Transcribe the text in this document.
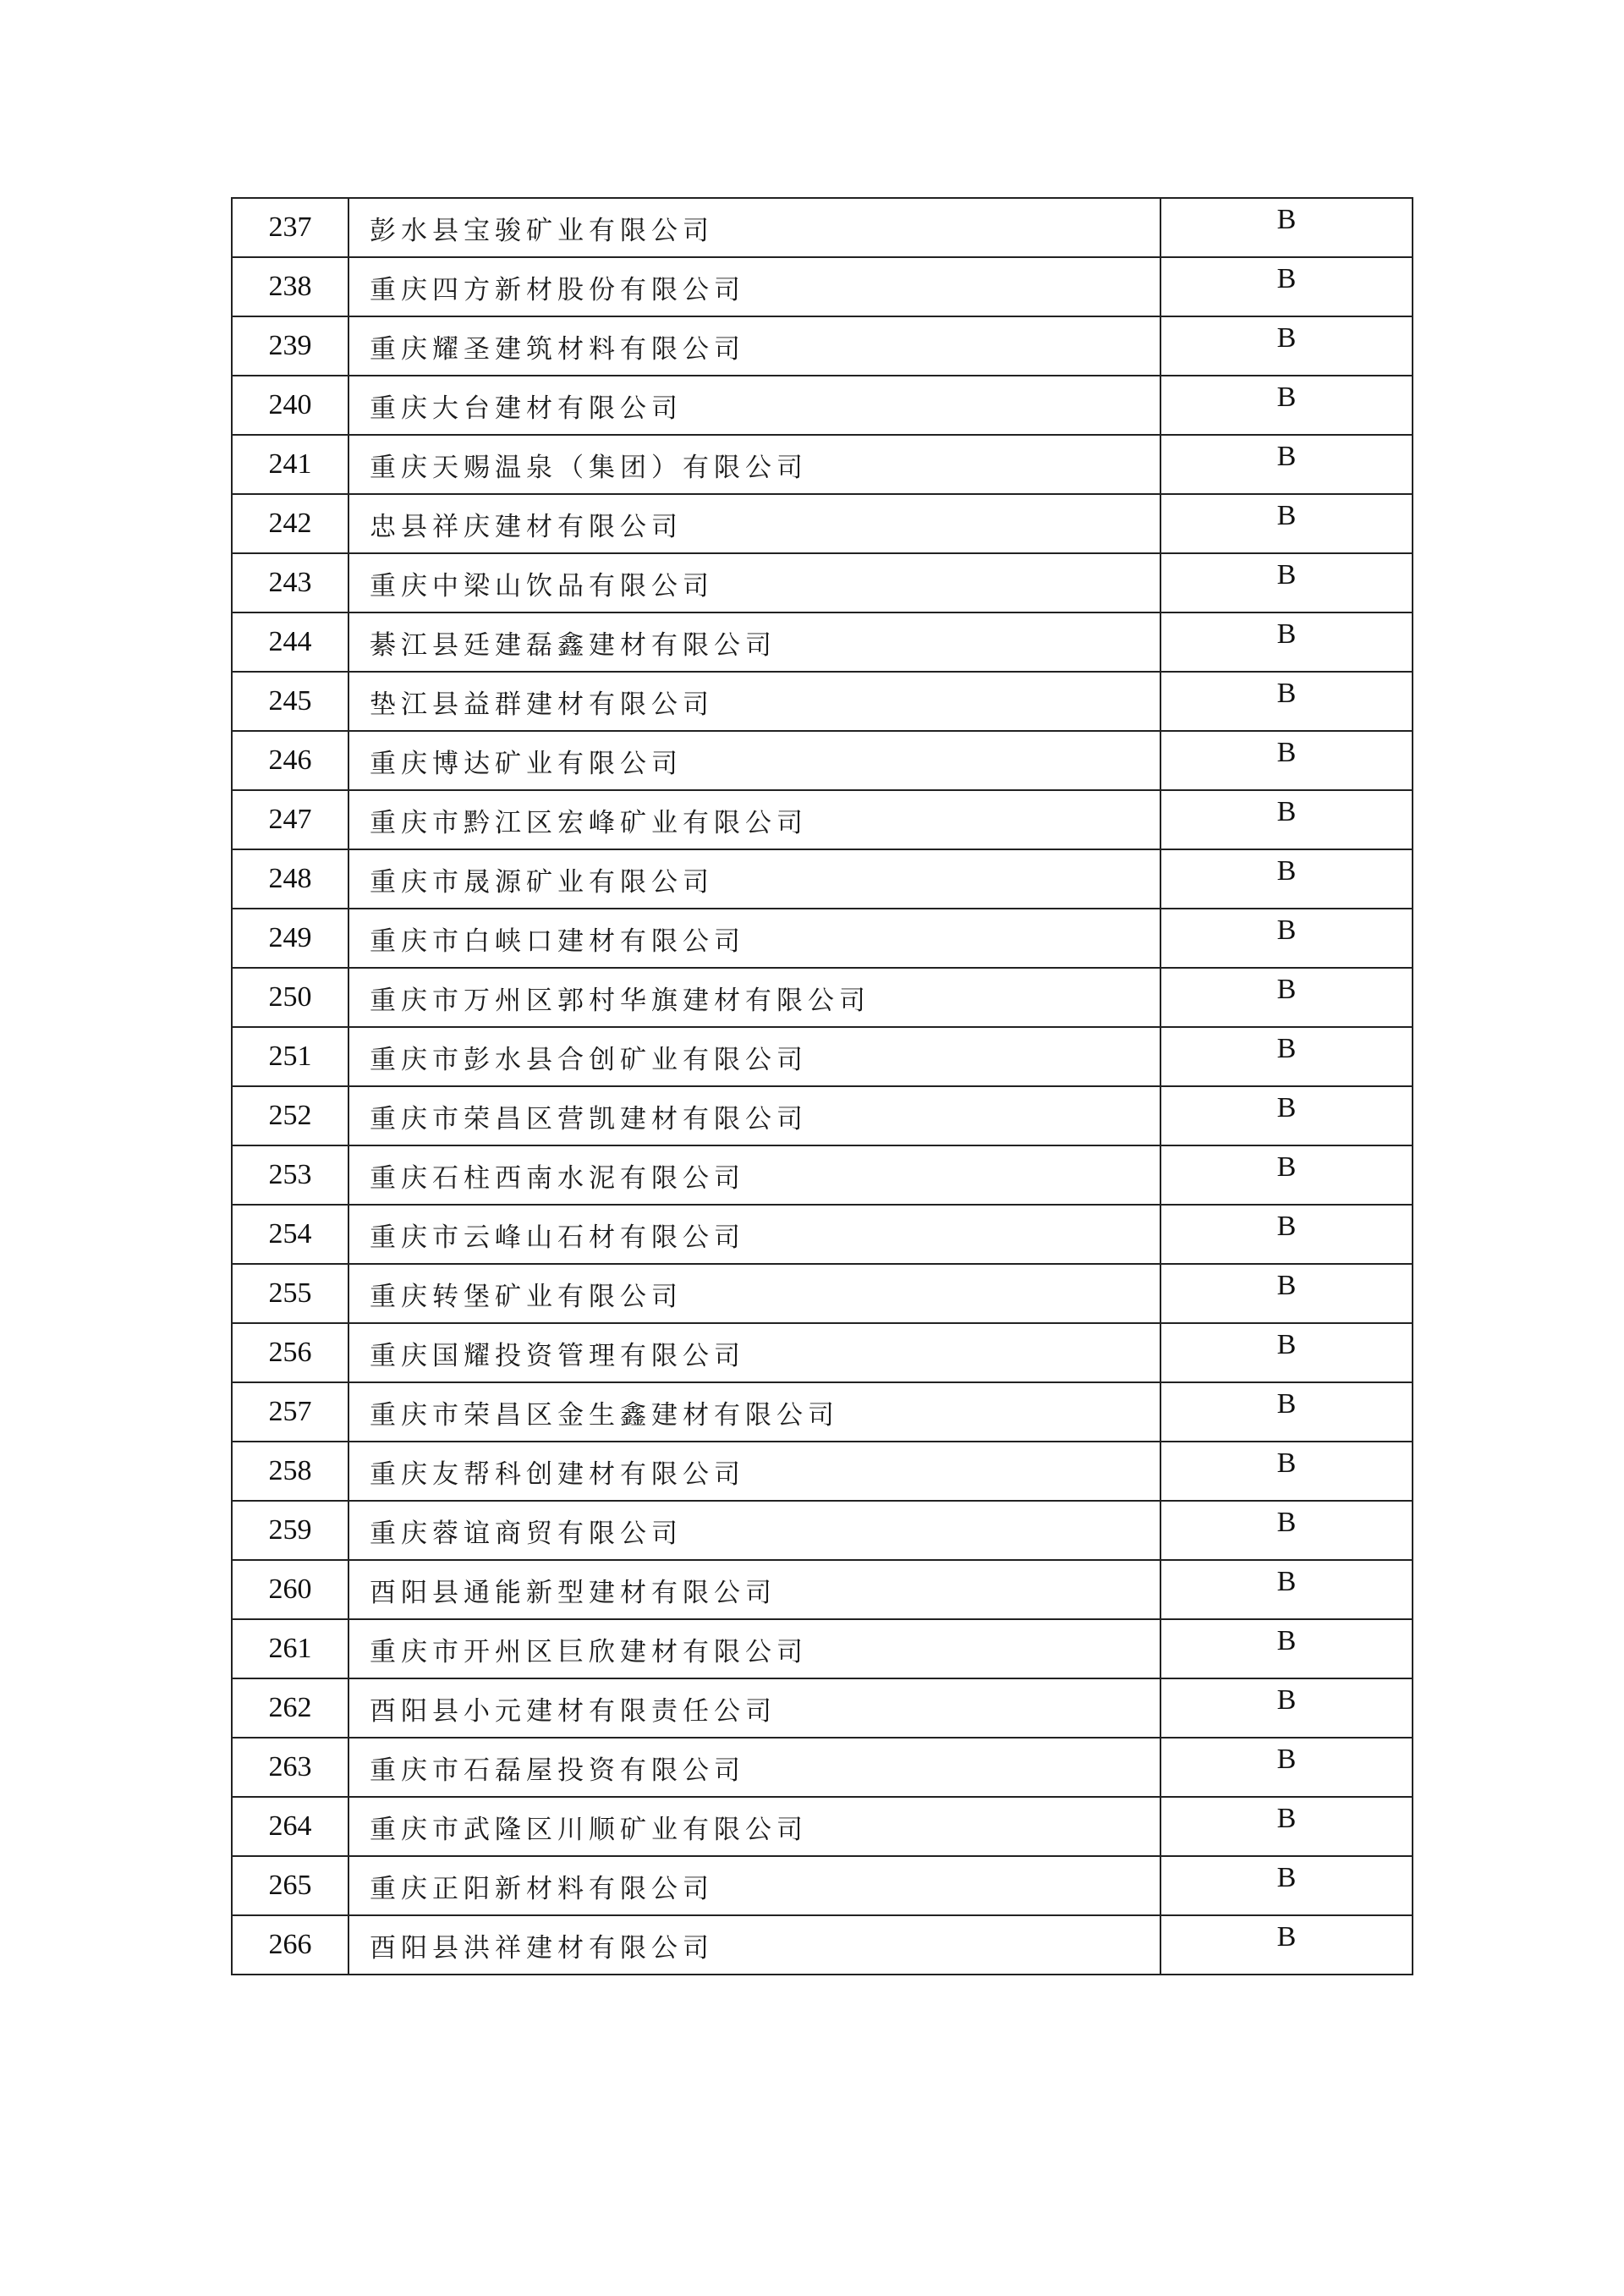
237	彭水县宝骏矿业有限公司	B
238	重庆四方新材股份有限公司	B
239	重庆耀圣建筑材料有限公司	B
240	重庆大台建材有限公司	B
241	重庆天赐温泉（集团）有限公司	B
242	忠县祥庆建材有限公司	B
243	重庆中梁山饮品有限公司	B
244	綦江县廷建磊鑫建材有限公司	B
245	垫江县益群建材有限公司	B
246	重庆博达矿业有限公司	B
247	重庆市黔江区宏峰矿业有限公司	B
248	重庆市晟源矿业有限公司	B
249	重庆市白峡口建材有限公司	B
250	重庆市万州区郭村华旗建材有限公司	B
251	重庆市彭水县合创矿业有限公司	B
252	重庆市荣昌区营凯建材有限公司	B
253	重庆石柱西南水泥有限公司	B
254	重庆市云峰山石材有限公司	B
255	重庆转堡矿业有限公司	B
256	重庆国耀投资管理有限公司	B
257	重庆市荣昌区金生鑫建材有限公司	B
258	重庆友帮科创建材有限公司	B
259	重庆蓉谊商贸有限公司	B
260	酉阳县通能新型建材有限公司	B
261	重庆市开州区巨欣建材有限公司	B
262	酉阳县小元建材有限责任公司	B
263	重庆市石磊屋投资有限公司	B
264	重庆市武隆区川顺矿业有限公司	B
265	重庆正阳新材料有限公司	B
266	酉阳县洪祥建材有限公司	B
